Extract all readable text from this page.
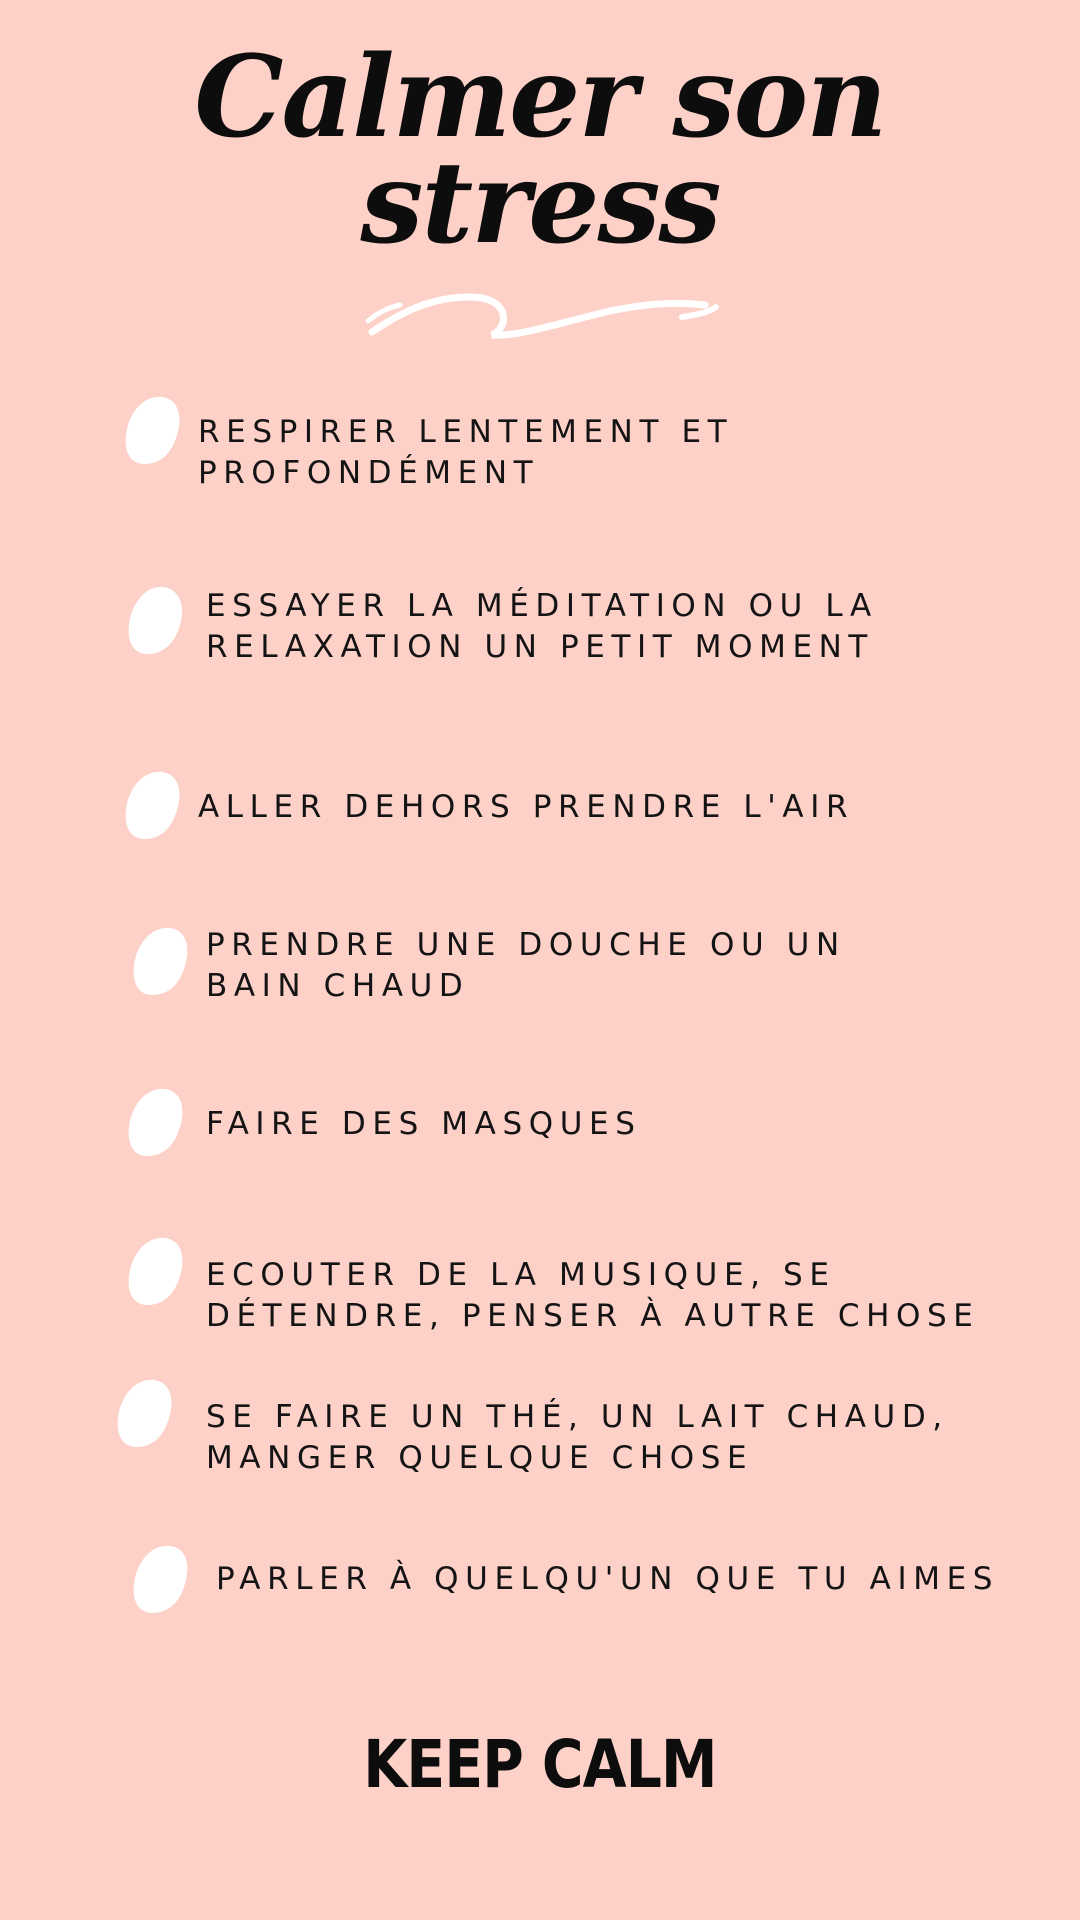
Calmer son
stress

RESPIRER LENTEMENT ET
PROFONDÉMENT

ESSAYER LA MÉDITATION OU LA
RELAXATION UN PETIT MOMENT

ALLER DEHORS PRENDRE L'AIR

PRENDRE UNE DOUCHE OU UN
BAIN CHAUD

FAIRE DES MASQUES

ECOUTER DE LA MUSIQUE, SE
DÉTENDRE, PENSER À AUTRE CHOSE

SE FAIRE UN THÉ, UN LAIT CHAUD,
MANGER QUELQUE CHOSE

PARLER À QUELQU'UN QUE TU AIMES

KEEP CALM
